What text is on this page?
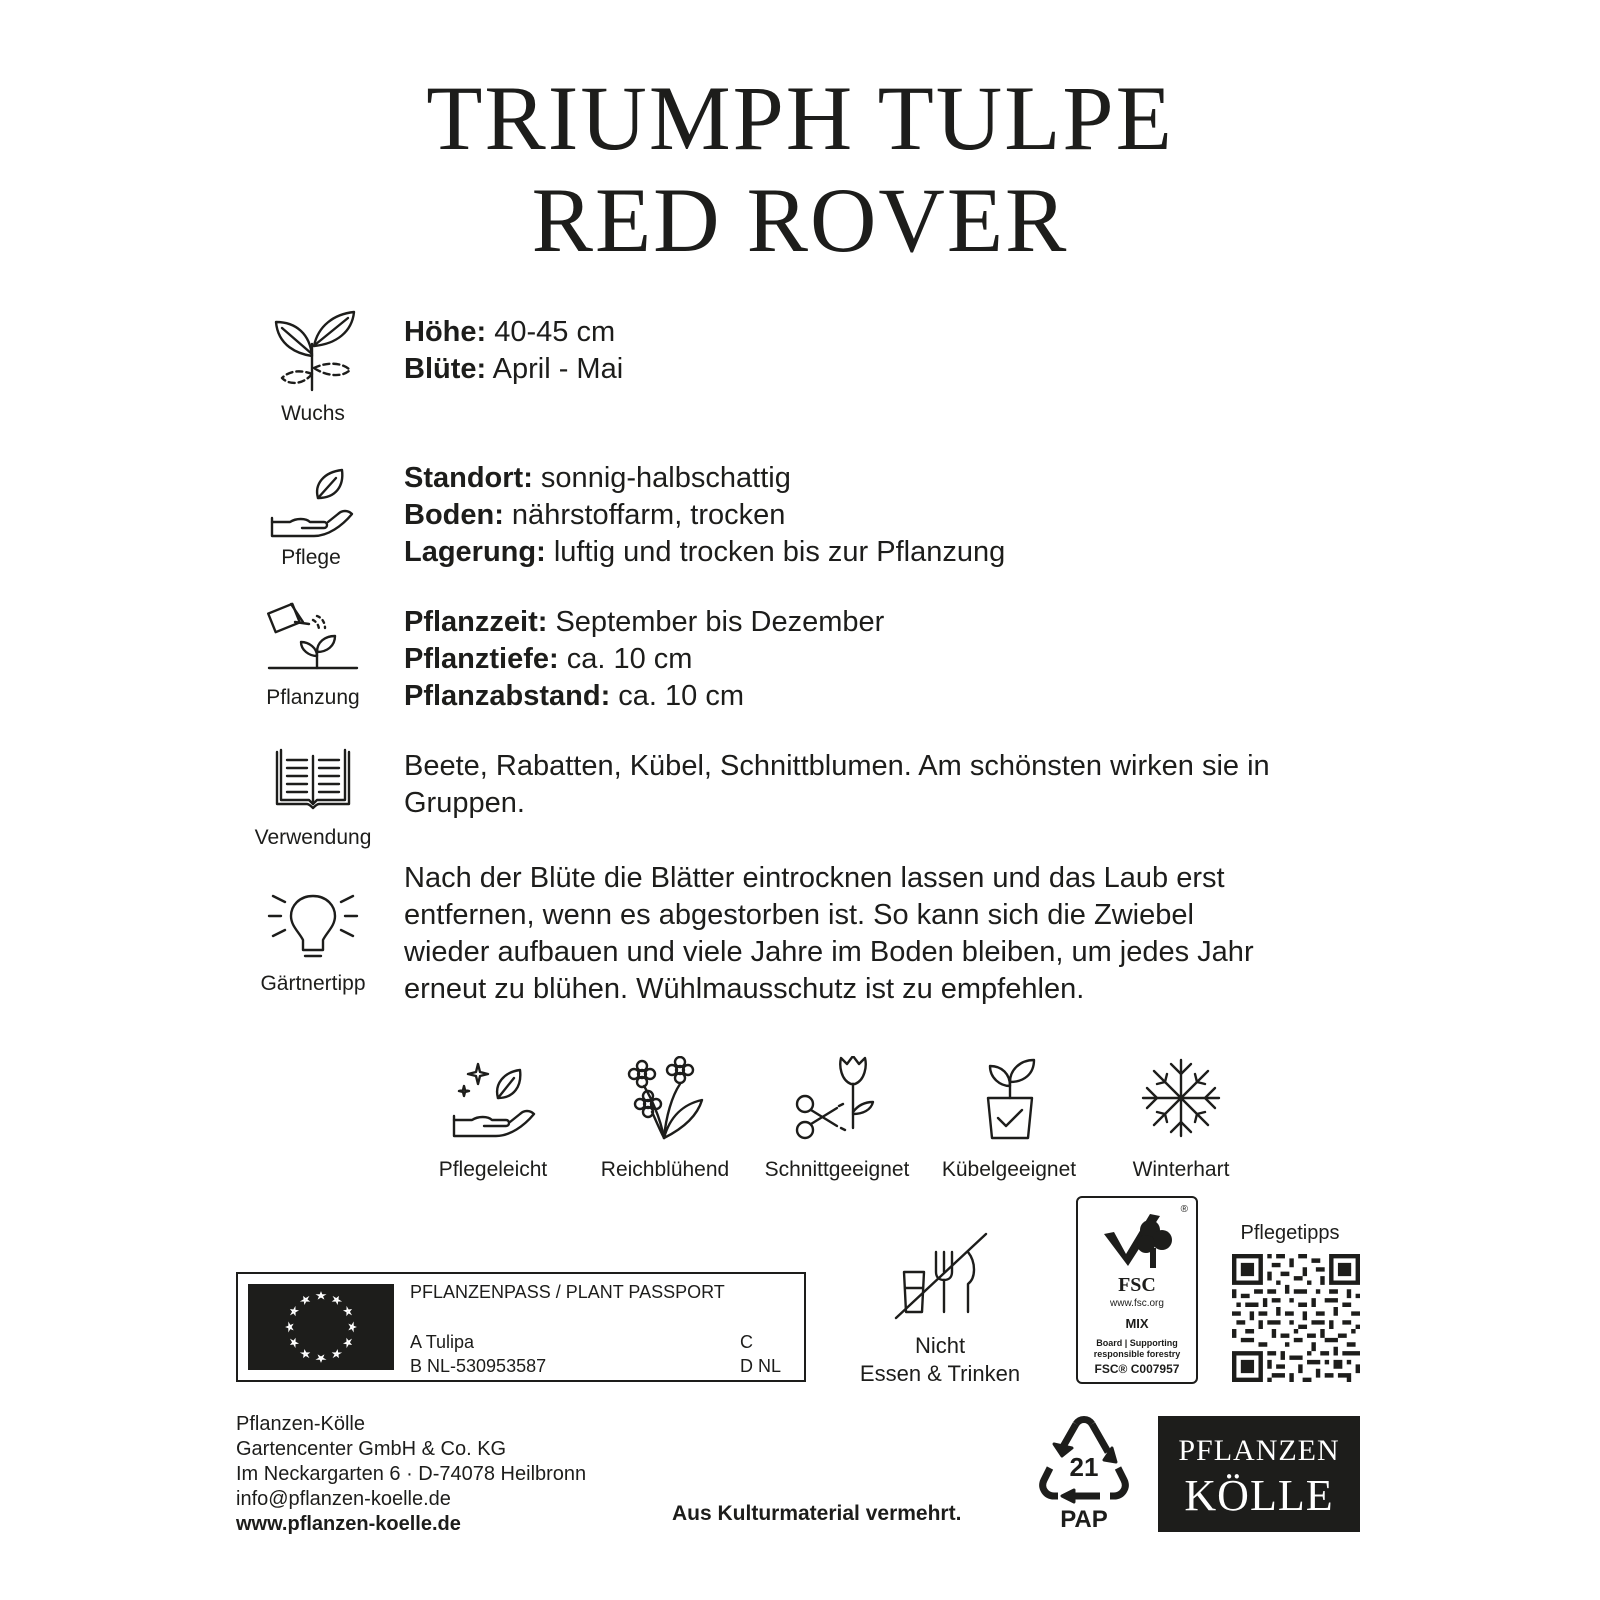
TRIUMPH TULPE
RED ROVER
Wuchs
Höhe: 40-45 cm
Blüte: April - Mai
Pflege
Standort: sonnig-halbschattig
Boden: nährstoffarm, trocken
Lagerung: luftig und trocken bis zur Pflanzung
Pflanzung
Pflanzzeit: September bis Dezember
Pflanztiefe: ca. 10 cm
Pflanzabstand: ca. 10 cm
Verwendung
Beete, Rabatten, Kübel, Schnittblumen. Am schönsten wirken sie in
Gruppen.
Gärtnertipp
Nach der Blüte die Blätter eintrocknen lassen und das Laub erst
entfernen, wenn es abgestorben ist. So kann sich die Zwiebel
wieder aufbauen und viele Jahre im Boden bleiben, um jedes Jahr
erneut zu blühen. Wühlmausschutz ist zu empfehlen.
Pflegeleicht	Reichblühend	Schnittgeeignet	Kübelgeeignet	Winterhart
PFLANZENPASS / PLANT PASSPORT
A Tulipa
B NL-530953587
C
D NL
Nicht
Essen & Trinken
®
FSC
www.fsc.org
MIX
Board | Supporting
responsible forestry
FSC® C007957
Pflegetipps
Pflanzen-Kölle
Gartencenter GmbH & Co. KG
Im Neckargarten 6 · D-74078 Heilbronn
info@pflanzen-koelle.de
www.pflanzen-koelle.de	Aus Kulturmaterial vermehrt.
21
PAP
PFLANZEN
KÖLLE
